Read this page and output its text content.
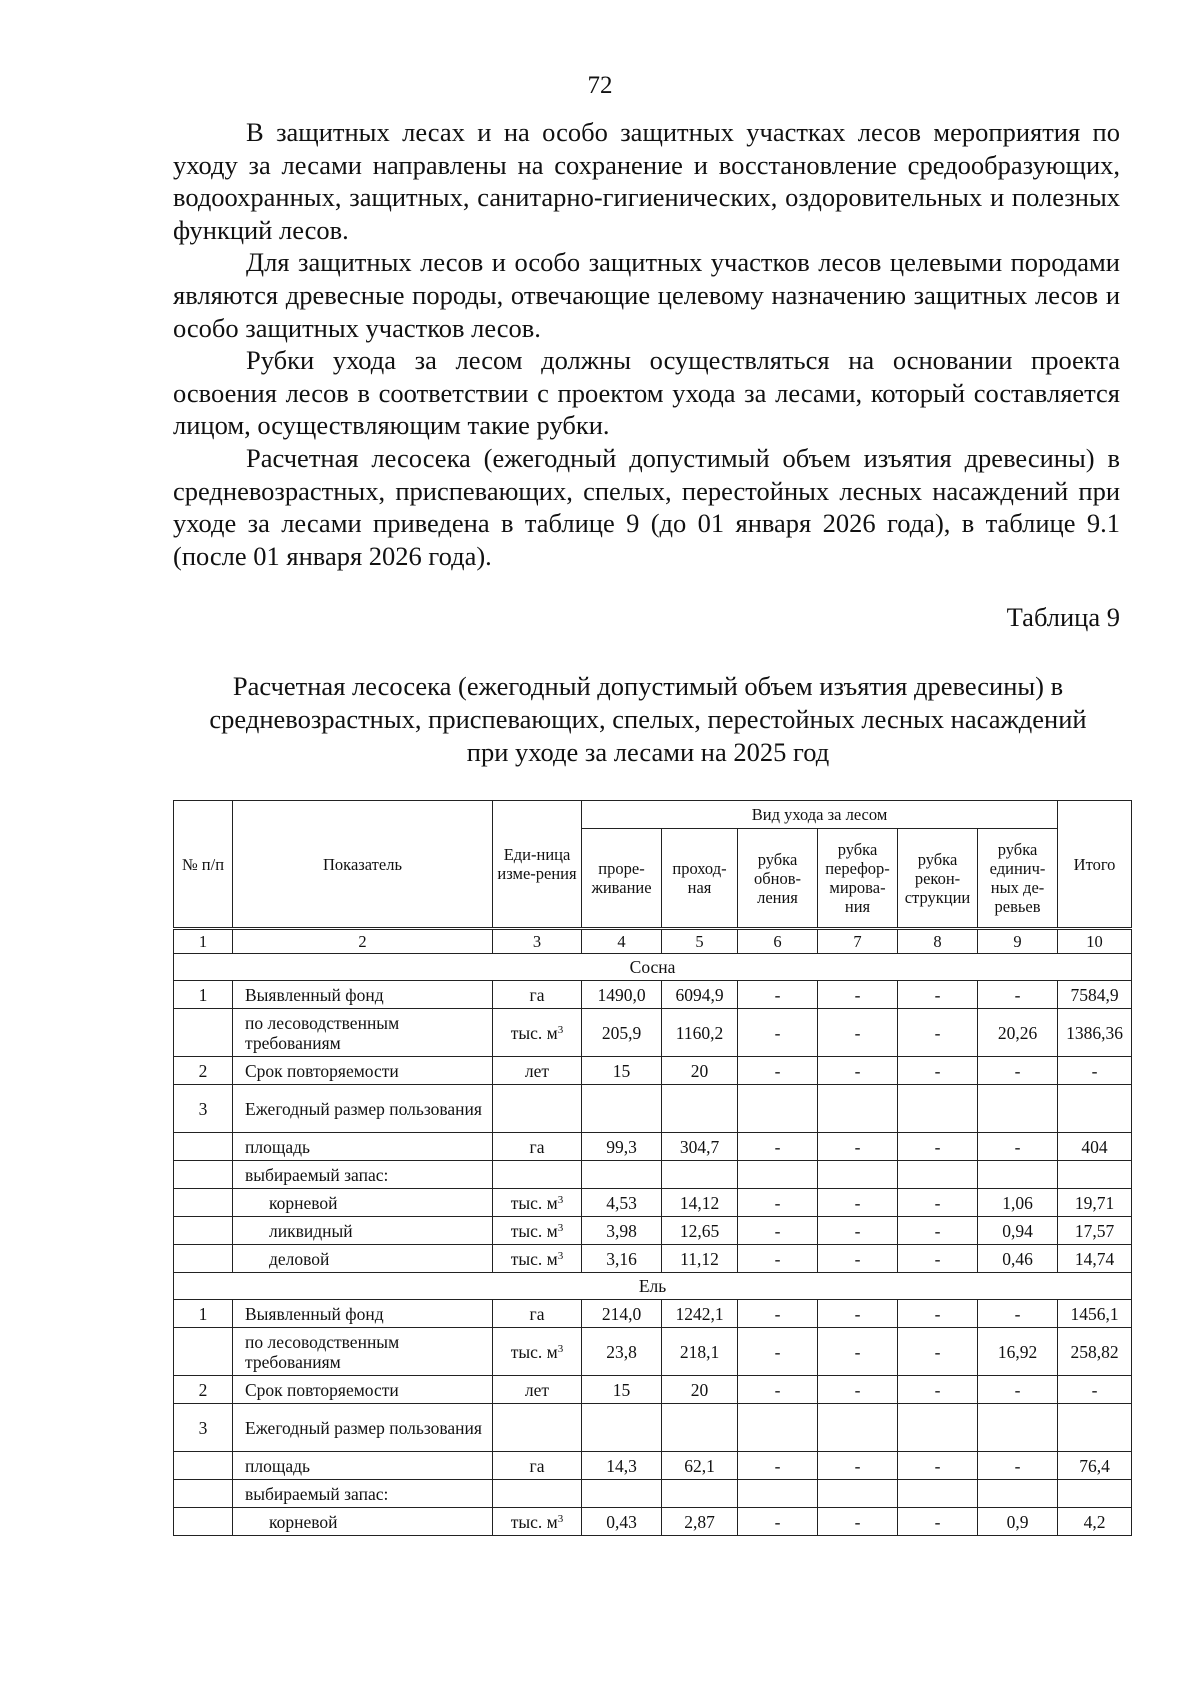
72

В защитных лесах и на особо защитных участках лесов мероприятия по уходу за лесами направлены на сохранение и восстановление средообразующих, водоохранных, защитных, санитарно-гигиенических, оздоровительных и полезных функций лесов.

Для защитных лесов и особо защитных участков лесов целевыми породами являются древесные породы, отвечающие целевому назначению защитных лесов и особо защитных участков лесов.

Рубки ухода за лесом должны осуществляться на основании проекта освоения лесов в соответствии с проектом ухода за лесами, который составляется лицом, осуществляющим такие рубки.

Расчетная лесосека (ежегодный допустимый объем изъятия древесины) в средневозрастных, приспевающих, спелых, перестойных лесных насаждений при уходе за лесами приведена в таблице 9 (до 01 января 2026 года), в таблице 9.1 (после 01 января 2026 года).

Таблица 9
Расчетная лесосека (ежегодный допустимый объем изъятия древесины) в
средневозрастных, приспевающих, спелых, перестойных лесных насаждений
при уходе за лесами на 2025 год
№ п/п	Показатель	Еди-ница изме-рения	Вид ухода за лесом						Итого
			проре-живание	проход-ная	рубка обнов-ления	рубка перефор-мирова-ния	рубка рекон-струкции	рубка единич-ных де-ревьев	
1	2	3	4	5	6	7	8	9	10
Сосна									
1	Выявленный фонд	га	1490,0	6094,9	-	-	-	-	7584,9
	по лесоводственным требованиям	тыс. $м^3$	205,9	1160,2	-	-	-	20,26	1386,36
2	Срок повторяемости	лет	15	20	-	-	-	-	-
3	Ежегодный размер пользования								
	площадь	га	99,3	304,7	-	-	-	-	404
	выбираемый запас:								
	корневой	тыс. $м^3$	4,53	14,12	-	-	-	1,06	19,71
	ликвидный	тыс. $м^3$	3,98	12,65	-	-	-	0,94	17,57
	деловой	тыс. $м^3$	3,16	11,12	-	-	-	0,46	14,74
Ель									
1	Выявленный фонд	га	214,0	1242,1	-	-	-	-	1456,1
	по лесоводственным требованиям	тыс. $м^3$	23,8	218,1	-	-	-	16,92	258,82
2	Срок повторяемости	лет	15	20	-	-	-	-	-
3	Ежегодный размер пользования								
	площадь	га	14,3	62,1	-	-	-	-	76,4
	выбираемый запас:								
	корневой	тыс. $м^3$	0,43	2,87	-	-	-	0,9	4,2
